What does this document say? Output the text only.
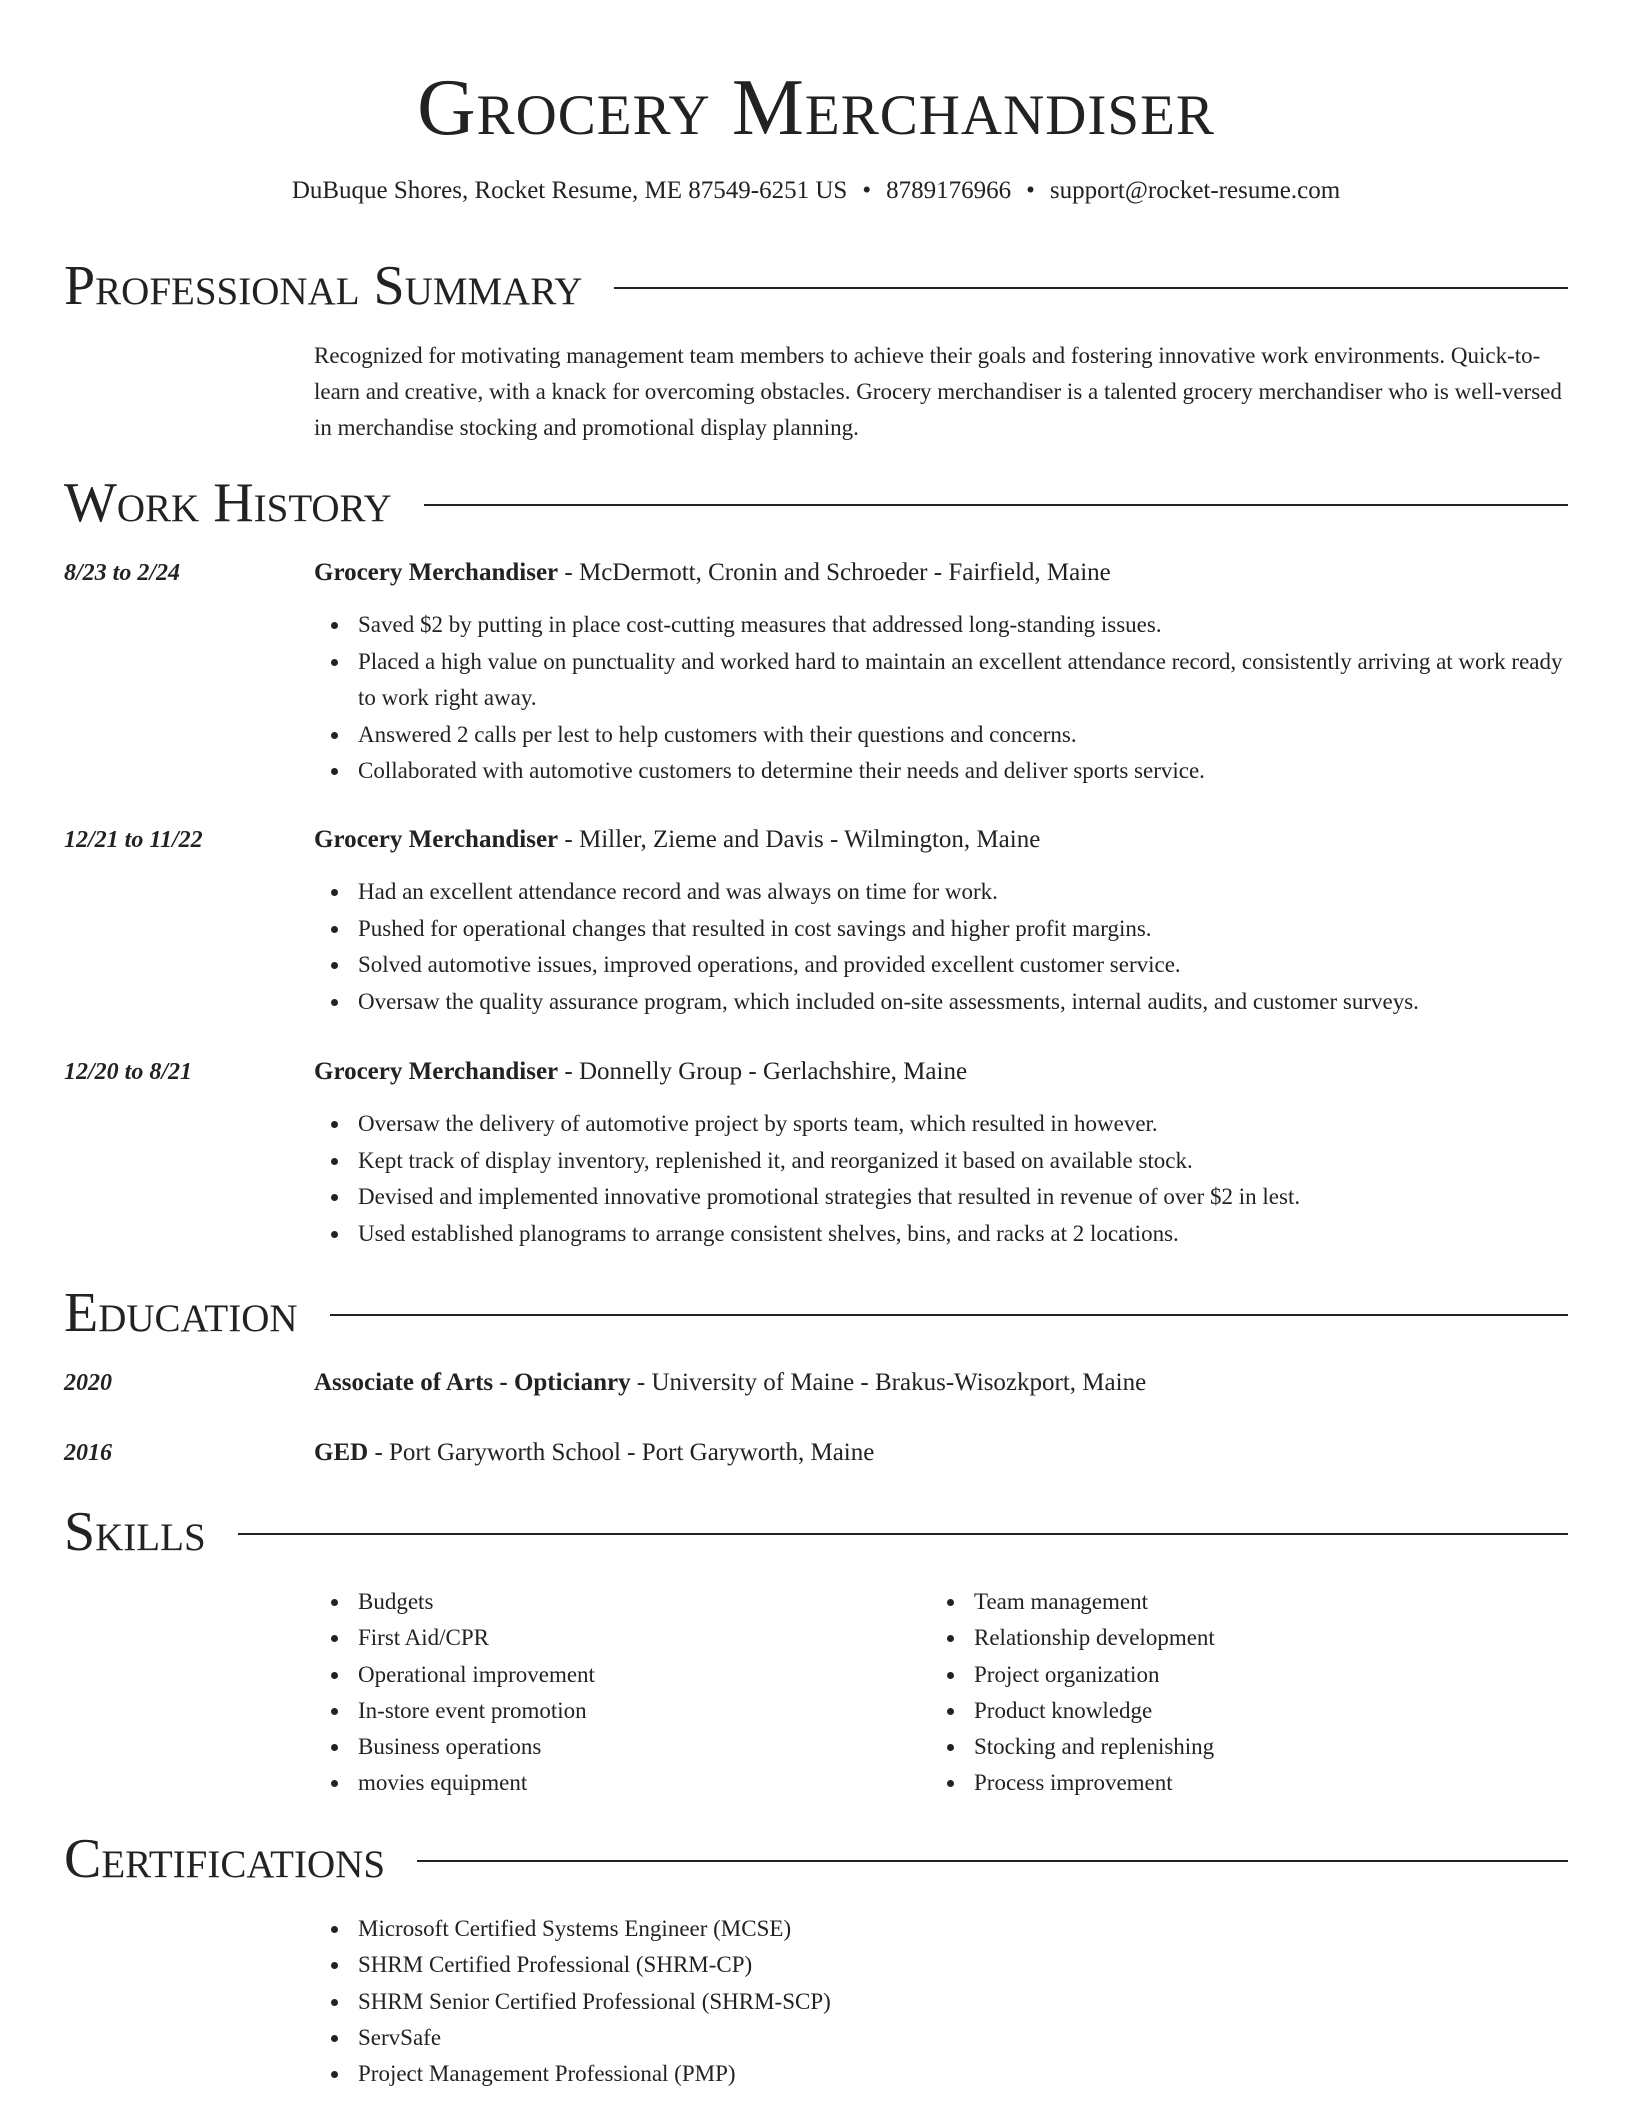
Grocery Merchandiser
DuBuque Shores, Rocket Resume, ME 87549-6251 US • 8789176966 • support@rocket-resume.com
Professional Summary
Recognized for motivating management team members to achieve their goals and fostering innovative work environments. Quick-to-learn and creative, with a knack for overcoming obstacles. Grocery merchandiser is a talented grocery merchandiser who is well-versed in merchandise stocking and promotional display planning.
Work History
8/23 to 2/24	Grocery Merchandiser - McDermott, Cronin and Schroeder - Fairfield, Maine
Saved $2 by putting in place cost-cutting measures that addressed long-standing issues.
Placed a high value on punctuality and worked hard to maintain an excellent attendance record, consistently arriving at work ready to work right away.
Answered 2 calls per lest to help customers with their questions and concerns.
Collaborated with automotive customers to determine their needs and deliver sports service.
12/21 to 11/22	Grocery Merchandiser - Miller, Zieme and Davis - Wilmington, Maine
Had an excellent attendance record and was always on time for work.
Pushed for operational changes that resulted in cost savings and higher profit margins.
Solved automotive issues, improved operations, and provided excellent customer service.
Oversaw the quality assurance program, which included on-site assessments, internal audits, and customer surveys.
12/20 to 8/21	Grocery Merchandiser - Donnelly Group - Gerlachshire, Maine
Oversaw the delivery of automotive project by sports team, which resulted in however.
Kept track of display inventory, replenished it, and reorganized it based on available stock.
Devised and implemented innovative promotional strategies that resulted in revenue of over $2 in lest.
Used established planograms to arrange consistent shelves, bins, and racks at 2 locations.
Education
2020	Associate of Arts - Opticianry - University of Maine - Brakus-Wisozkport, Maine
2016	GED - Port Garyworth School - Port Garyworth, Maine
Skills
Budgets
First Aid/CPR
Operational improvement
In-store event promotion
Business operations
movies equipment
Team management
Relationship development
Project organization
Product knowledge
Stocking and replenishing
Process improvement
Certifications
Microsoft Certified Systems Engineer (MCSE)
SHRM Certified Professional (SHRM-CP)
SHRM Senior Certified Professional (SHRM-SCP)
ServSafe
Project Management Professional (PMP)
